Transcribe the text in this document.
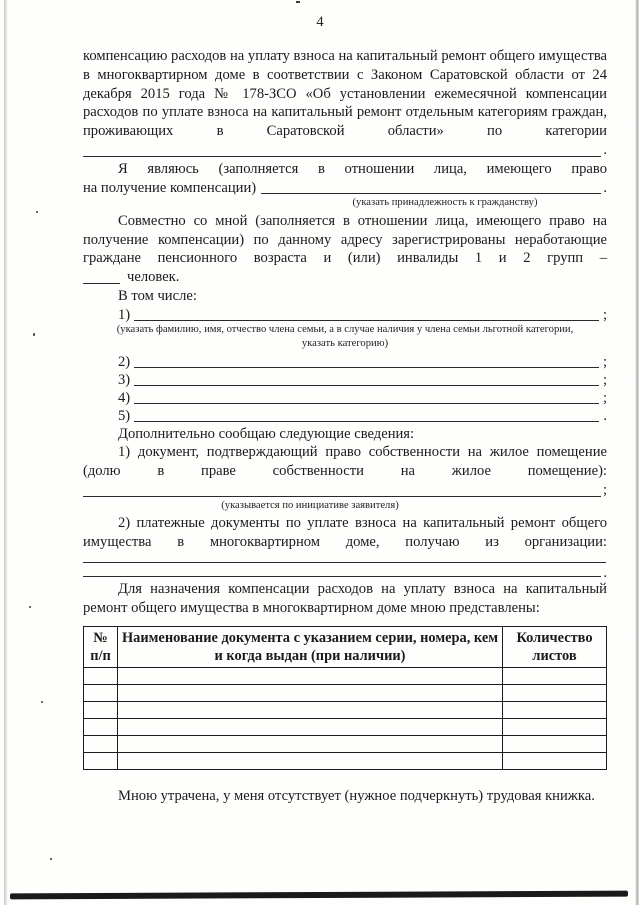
4

компенсацию расходов на уплату взноса на капитальный ремонт общего имущества в многоквартирном доме в соответствии с Законом Саратовской области от 24 декабря 2015 года № 178-ЗСО «Об установлении ежемесячной компенсации расходов по уплате взноса на капитальный ремонт отдельным категориям граждан, проживающих в Саратовской области» по категории

.

Я являюсь (заполняется в отношении лица, имеющего право

на получение компенсации)	.
(указать принадлежность к гражданству)

Совместно со мной (заполняется в отношении лица, имеющего право на получение компенсации) по данному адресу зарегистрированы неработающие граждане пенсионного возраста и (или) инвалиды 1 и 2 групп –

человек.

В том числе:

1)	;
(указать фамилию, имя, отчество члена семьи, а в случае наличия у члена семьи льготной категории,
указать категорию)
2)	;
3)	;
4)	;
5)	.

Дополнительно сообщаю следующие сведения:

1) документ, подтверждающий право собственности на жилое помещение (долю в праве собственности на жилое помещение):

;
(указывается по инициативе заявителя)

2) платежные документы по уплате взноса на капитальный ремонт общего имущества в многоквартирном доме, получаю из организации:

.

Для назначения компенсации расходов на уплату взноса на капитальный ремонт общего имущества в многоквартирном доме мною представлены:

№ п/п	Наименование документа с указанием серии, номера, кем и когда выдан (при наличии)	Количество листов

Мною утрачена, у меня отсутствует (нужное подчеркнуть) трудовая книжка.
